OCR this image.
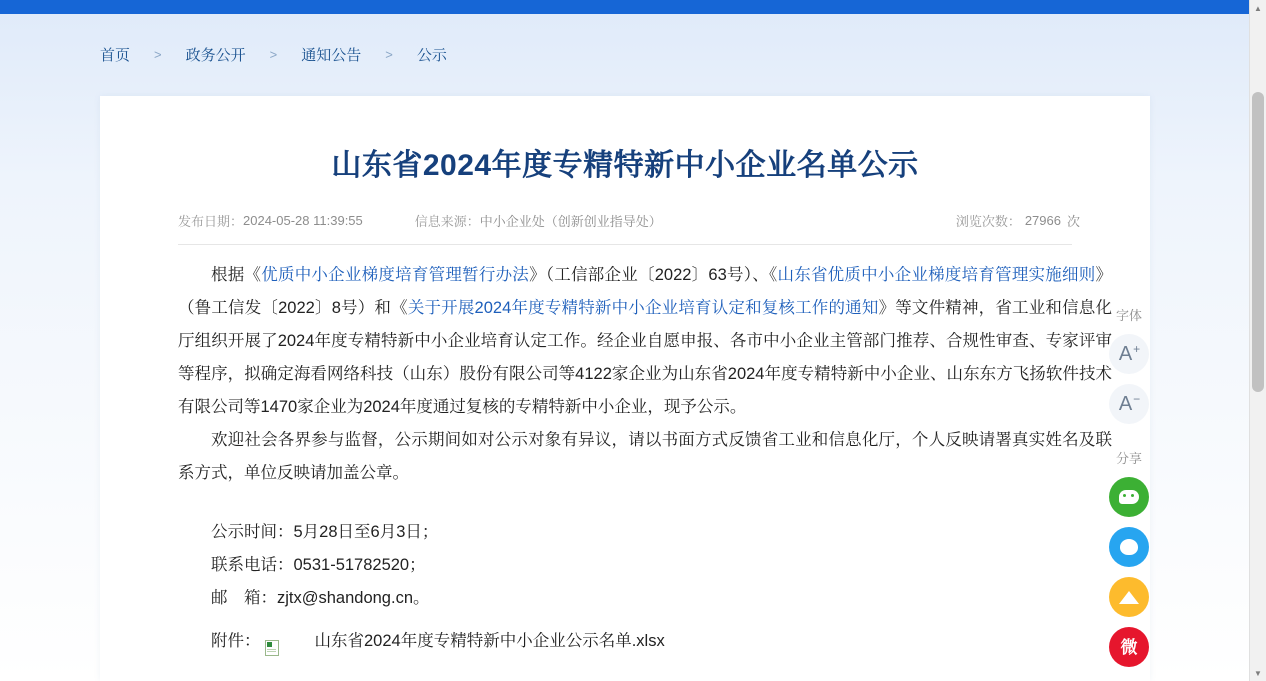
首页	>	政务公开	>	通知公告	>	公示
山东省2024年度专精特新中小企业名单公示
发布日期： 2024-05-28 11:39:55	信息来源： 中小企业处（创新创业指导处）	浏览次数： 27966 次

根据《优质中小企业梯度培育管理暂行办法》（工信部企业〔2022〕63号）、《山东省优质中小企业梯度培育管理实施细则》（鲁工信发〔2022〕8号）和《关于开展2024年度专精特新中小企业培育认定和复核工作的通知》等文件精神，省工业和信息化厅组织开展了2024年度专精特新中小企业培育认定工作。经企业自愿申报、各市中小企业主管部门推荐、合规性审查、专家评审等程序，拟确定海看网络科技（山东）股份有限公司等4122家企业为山东省2024年度专精特新中小企业、山东东方飞扬软件技术有限公司等1470家企业为2024年度通过复核的专精特新中小企业，现予公示。

欢迎社会各界参与监督，公示期间如对公示对象有异议，请以书面方式反馈省工业和信息化厅，个人反映请署真实姓名及联系方式，单位反映请加盖公章。

公示时间：5月28日至6月3日；

联系电话：0531-51782520；

邮　箱：zjtx@shandong.cn。

附件：	山东省2024年度专精特新中小企业公示名单.xlsx
字体
A+
A−
分享
微
▲
▼
